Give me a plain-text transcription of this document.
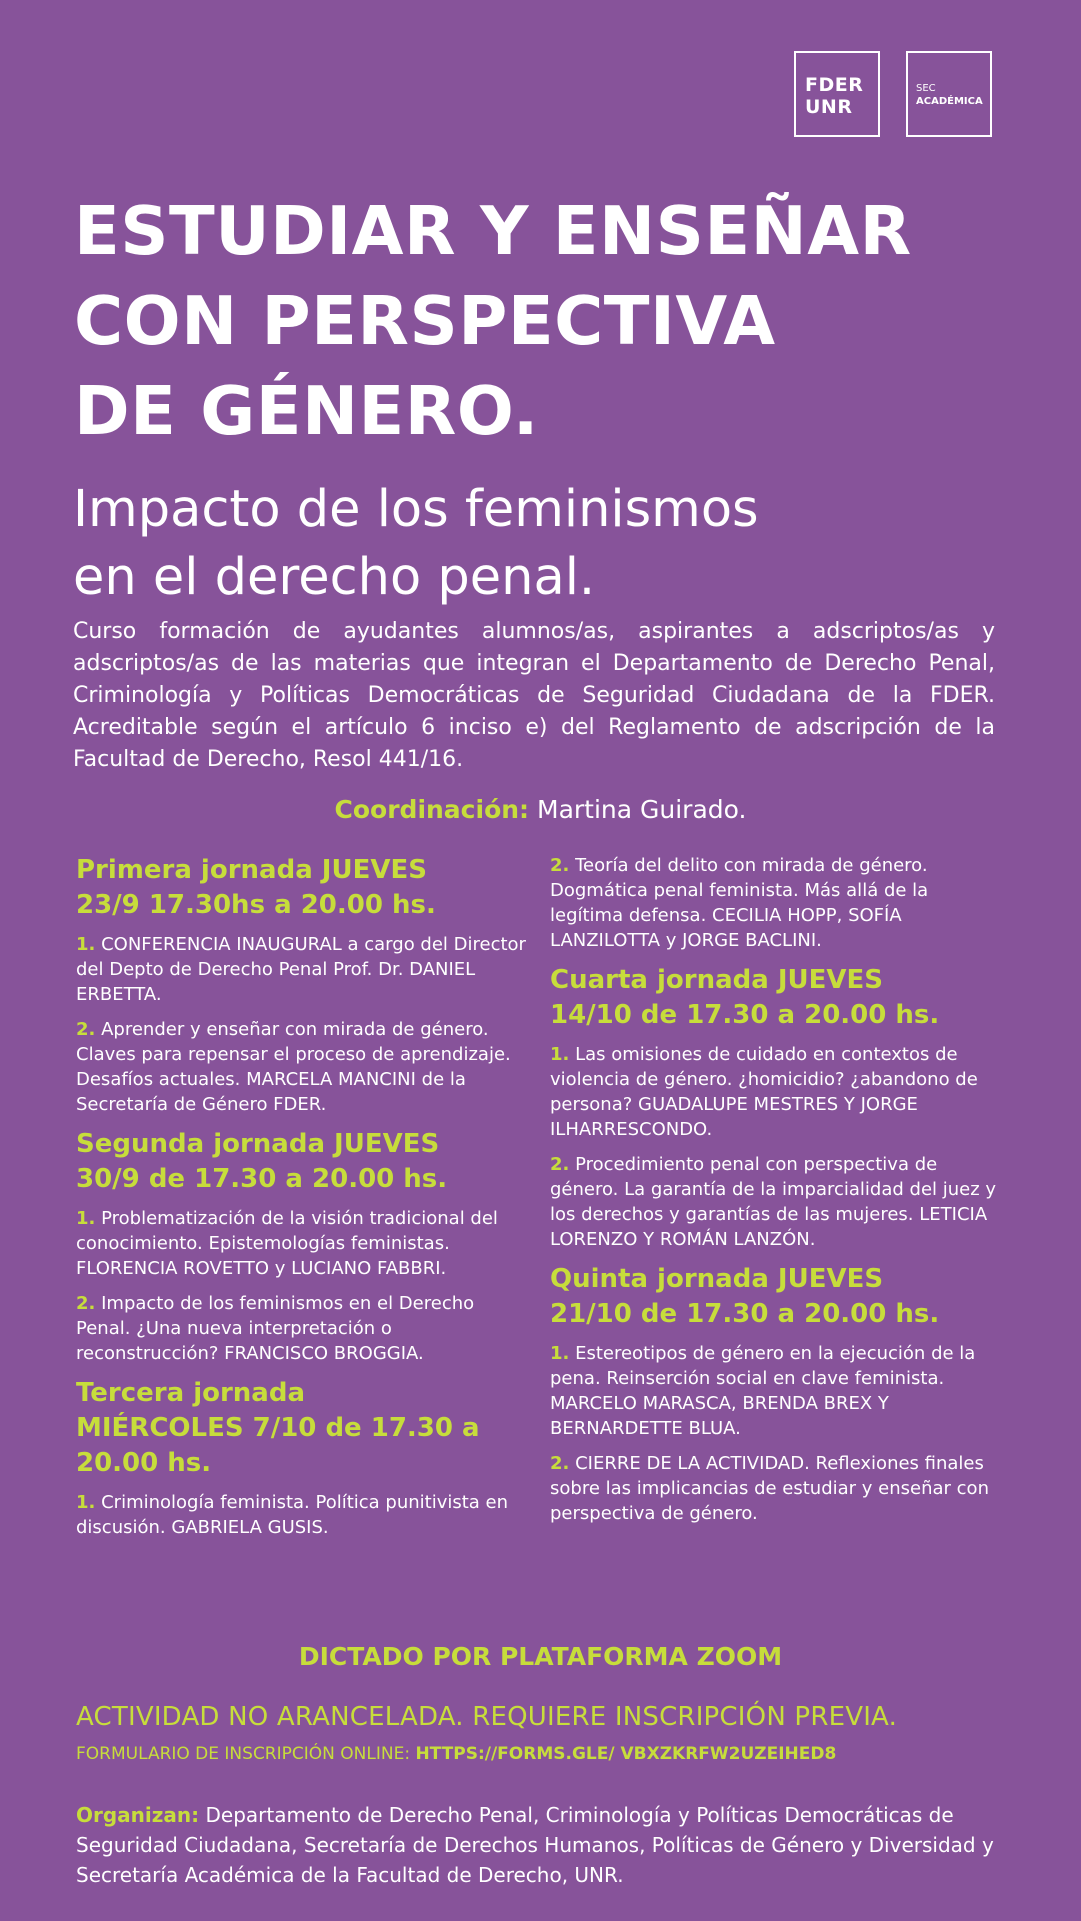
FDER
UNR
SEC
ACADÉMICA
ESTUDIAR Y ENSEÑAR
CON PERSPECTIVA
DE GÉNERO.
Impacto de los feminismos
en el derecho penal.

Curso formación de ayudantes alumnos/as, aspirantes a adscriptos/as y adscriptos/as de las materias que integran el Departamento de Derecho Penal, Criminología y Políticas Democráticas de Seguridad Ciudadana de la FDER. Acreditable según el artículo 6 inciso e) del Reglamento de adscripción de la Facultad de Derecho, Resol 441/16.

Coordinación: Martina Guirado.
Primera jornada JUEVES
23/9 17.30hs a 20.00 hs.

1. CONFERENCIA INAUGURAL a cargo del Director del Depto de Derecho Penal Prof. Dr. DANIEL ERBETTA.

2. Aprender y enseñar con mirada de género. Claves para repensar el proceso de aprendizaje. Desafíos actuales. MARCELA MANCINI de la Secretaría de Género FDER.

Segunda jornada JUEVES
30/9 de 17.30 a 20.00 hs.

1. Problematización de la visión tradicional del conocimiento. Epistemologías feministas. FLORENCIA ROVETTO y LUCIANO FABBRI.

2. Impacto de los feminismos en el Derecho Penal. ¿Una nueva interpretación o reconstrucción? FRANCISCO BROGGIA.

Tercera jornada
MIÉRCOLES 7/10 de 17.30 a
20.00 hs.

1. Criminología feminista. Política punitivista en discusión. GABRIELA GUSIS.

2. Teoría del delito con mirada de género. Dogmática penal feminista. Más allá de la legítima defensa. CECILIA HOPP, SOFÍA LANZILOTTA y JORGE BACLINI.

Cuarta jornada JUEVES
14/10 de 17.30 a 20.00 hs.

1. Las omisiones de cuidado en contextos de violencia de género. ¿homicidio? ¿abandono de persona? GUADALUPE MESTRES Y JORGE ILHARRESCONDO.

2. Procedimiento penal con perspectiva de género. La garantía de la imparcialidad del juez y los derechos y garantías de las mujeres. LETICIA LORENZO Y ROMÁN LANZÓN.

Quinta jornada JUEVES
21/10 de 17.30 a 20.00 hs.

1. Estereotipos de género en la ejecución de la pena. Reinserción social en clave feminista. MARCELO MARASCA, BRENDA BREX Y BERNARDETTE BLUA.

2. CIERRE DE LA ACTIVIDAD. Reflexiones finales sobre las implicancias de estudiar y enseñar con perspectiva de género.

DICTADO POR PLATAFORMA ZOOM
ACTIVIDAD NO ARANCELADA. REQUIERE INSCRIPCIÓN PREVIA.
FORMULARIO DE INSCRIPCIÓN ONLINE: HTTPS://FORMS.GLE/ VBXZKRFW2UZEIHED8
Organizan: Departamento de Derecho Penal, Criminología y Políticas Democráticas de Seguridad Ciudadana, Secretaría de Derechos Humanos, Políticas de Género y Diversidad y Secretaría Académica de la Facultad de Derecho, UNR.
